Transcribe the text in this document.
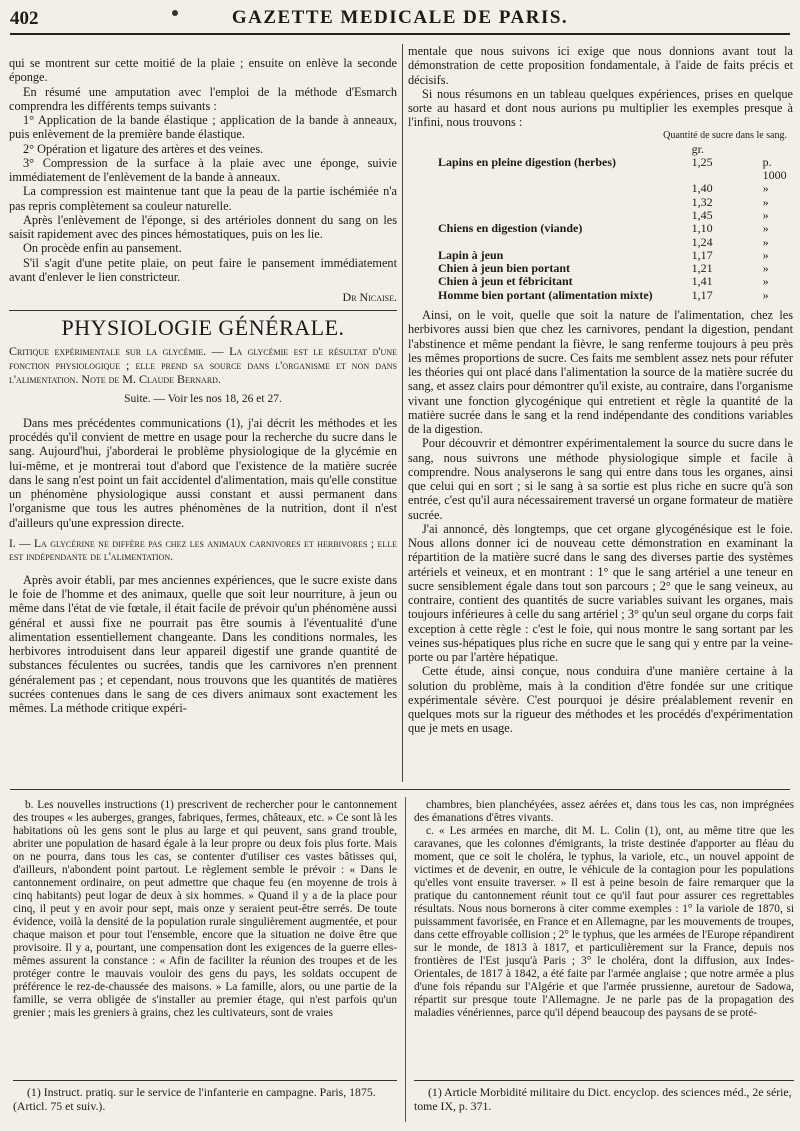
402	GAZETTE MEDICALE DE PARIS.

qui se montrent sur cette moitié de la plaie ; ensuite on enlève la seconde éponge.

En résumé une amputation avec l'emploi de la méthode d'Esmarch comprendra les différents temps suivants :

1° Application de la bande élastique ; application de la bande à anneaux, puis enlèvement de la première bande élastique.

2° Opération et ligature des artères et des veines.

3° Compression de la surface à la plaie avec une éponge, suivie immédiatement de l'enlèvement de la bande à anneaux.

La compression est maintenue tant que la peau de la partie ischémiée n'a pas repris complètement sa couleur naturelle.

Après l'enlèvement de l'éponge, si des artérioles donnent du sang on les saisit rapidement avec des pinces hémostatiques, puis on les lie.

On procède enfin au pansement.

S'il s'agit d'une petite plaie, on peut faire le pansement immédiatement avant d'enlever le lien constricteur.

Dr Nicaise.
PHYSIOLOGIE GÉNÉRALE.
Critique expérimentale sur la glycémie. — La glycémie est le résultat d'une fonction physiologique ; elle prend sa source dans l'organisme et non dans l'alimentation. Note de M. Claude Bernard.
Suite. — Voir les nos 18, 26 et 27.

Dans mes précédentes communications (1), j'ai décrit les méthodes et les procédés qu'il convient de mettre en usage pour la recherche du sucre dans le sang. Aujourd'hui, j'aborderai le problème physiologique de la glycémie en lui-même, et je montrerai tout d'abord que l'existence de la matière sucrée dans le sang n'est point un fait accidentel d'alimentation, mais qu'elle constitue un phénomène physiologique aussi constant et aussi permanent dans l'organisme que tous les autres phénomènes de la nutrition, dont il n'est d'ailleurs qu'une expression directe.

I. — La glycérine ne diffère pas chez les animaux carnivores et herbivores ; elle est indépendante de l'alimentation.

Après avoir établi, par mes anciennes expériences, que le sucre existe dans le foie de l'homme et des animaux, quelle que soit leur nourriture, à jeun ou même dans l'état de vie fœtale, il était facile de prévoir qu'un phénomène aussi général et aussi fixe ne pourrait pas être soumis à l'éventualité d'une alimentation essentiellement changeante. Dans les conditions normales, les herbivores introduisent dans leur appareil digestif une grande quantité de substances féculentes ou sucrées, tandis que les carnivores n'en prennent généralement pas ; et cependant, nous trouvons que les quantités de matières sucrées contenues dans le sang de ces divers animaux sont exactement les mêmes. La méthode critique expéri-

mentale que nous suivons ici exige que nous donnions avant tout la démonstration de cette proposition fondamentale, à l'aide de faits précis et décisifs.

Si nous résumons en un tableau quelques expériences, prises en quelque sorte au hasard et dont nous aurions pu multiplier les exemples presque à l'infini, nous trouvons :

Quantité de sucre dans le sang.
	gr.	
Lapins en pleine digestion (herbes)	1,25	p. 1000
	1,40	»
	1,32	»
	1,45	»
Chiens en digestion (viande)	1,10	»
	1,24	»
Lapin à jeun	1,17	»
Chien à jeun bien portant	1,21	»
Chien à jeun et fébricitant	1,41	»
Homme bien portant (alimentation mixte)	1,17	»

Ainsi, on le voit, quelle que soit la nature de l'alimentation, chez les herbivores aussi bien que chez les carnivores, pendant la digestion, pendant l'abstinence et même pendant la fièvre, le sang renferme toujours à peu près les mêmes proportions de sucre. Ces faits me semblent assez nets pour réfuter les théories qui ont placé dans l'alimentation la source de la matière sucrée du sang, et assez clairs pour démontrer qu'il existe, au contraire, dans l'organisme vivant une fonction glycogénique qui entretient et règle la quantité de la matière sucrée dans le sang et la rend indépendante des conditions variables de la digestion.

Pour découvrir et démontrer expérimentalement la source du sucre dans le sang, nous suivrons une méthode physiologique simple et facile à comprendre. Nous analyserons le sang qui entre dans tous les organes, ainsi que celui qui en sort ; si le sang à sa sortie est plus riche en sucre qu'à son entrée, c'est qu'il aura nécessairement traversé un organe formateur de matière sucrée.

J'ai annoncé, dès longtemps, que cet organe glycogénésique est le foie. Nous allons donner ici de nouveau cette démonstration en examinant la répartition de la matière sucré dans le sang des diverses partie des systèmes artériels et veineux, et en montrant : 1° que le sang artériel a une teneur en sucre sensiblement égale dans tout son parcours ; 2° que le sang veineux, au contraire, contient des quantités de sucre variables suivant les organes, mais toujours inférieures à celle du sang artériel ; 3° qu'un seul organe du corps fait exception à cette règle : c'est le foie, qui nous montre le sang sortant par les veines sus-hépatiques plus riche en sucre que le sang qui y entre par la veine-porte ou par l'artère hépatique.

Cette étude, ainsi conçue, nous conduira d'une manière certaine à la solution du problème, mais à la condition d'être fondée sur une critique expérimentale sévère. C'est pourquoi je désire préalablement revenir en quelques mots sur la rigueur des méthodes et les procédés d'expérimentation que je mets en usage.

b. Les nouvelles instructions (1) prescrivent de rechercher pour le cantonnement des troupes « les auberges, granges, fabriques, fermes, châteaux, etc. » Ce sont là les habitations où les gens sont le plus au large et qui peuvent, sans grand trouble, abriter une population de hasard égale à la leur propre ou deux fois plus forte. Mais on ne pourra, dans tous les cas, se contenter d'utiliser ces vastes bâtisses qui, d'ailleurs, n'abondent point partout. Le règlement semble le prévoir : « Dans le cantonnement ordinaire, on peut admettre que chaque feu (en moyenne de trois à cinq habitants) peut logar de deux à six hommes. » Quand il y a de la place pour cinq, il peut y en avoir pour sept, mais onze y seraient peut-être serrés. De toute évidence, voilà la densité de la population rurale singulièrement augmentée, et pour chaque maison et pour tout l'ensemble, encore que la situation ne doive être que provisoire. Il y a, pourtant, une compensation dont les exigences de la guerre elles-mêmes assurent la constance : « Afin de faciliter la réunion des troupes et de les protéger contre le mauvais vouloir des gens du pays, les soldats occupent de préférence le rez-de-chaussée des maisons. » La famille, alors, ou une partie de la famille, se verra obligée de s'installer au premier étage, qui n'est parfois qu'un grenier ; mais les greniers à grains, chez les cultivateurs, sont de vraies

chambres, bien planchéyées, assez aérées et, dans tous les cas, non imprégnées des émanations d'êtres vivants.

c. « Les armées en marche, dit M. L. Colin (1), ont, au même titre que les caravanes, que les colonnes d'émigrants, la triste destinée d'apporter au fléau du moment, que ce soit le choléra, le typhus, la variole, etc., un nouvel appoint de victimes et de devenir, en outre, le véhicule de la contagion pour les populations qu'elles vont ensuite traverser. » Il est à peine besoin de faire remarquer que la pratique du cantonnement réunit tout ce qu'il faut pour assurer ces regrettables résultats. Nous nous bornerons à citer comme exemples : 1° la variole de 1870, si puissamment favorisée, en France et en Allemagne, par les mouvements de troupes, dans cette effroyable collision ; 2° le typhus, que les armées de l'Europe répandirent sur le monde, de 1813 à 1817, et particulièrement sur la France, depuis nos frontières de l'Est jusqu'à Paris ; 3° le choléra, dont la diffusion, aux Indes-Orientales, de 1817 à 1842, a été faite par l'armée anglaise ; que notre armée a plus d'une fois répandu sur l'Algérie et que l'armée prussienne, auretour de Sadowa, répartit sur presque toute l'Allemagne. Je ne parle pas de la propagation des maladies vénériennes, parce qu'il dépend beaucoup des paysans de se proté-

(1) Instruct. pratiq. sur le service de l'infanterie en campagne. Paris, 1875. (Articl. 75 et suiv.).

(1) Article Morbidité militaire du Dict. encyclop. des sciences méd., 2e série, tome IX, p. 371.
